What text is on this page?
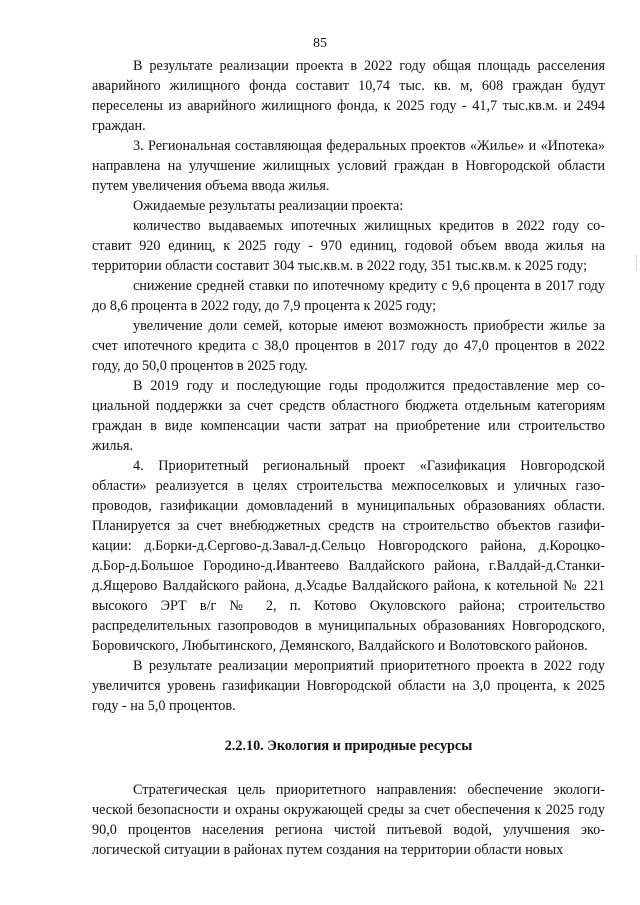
85

В результате реализации проекта в 2022 году общая площадь расселения аварийного жилищного фонда составит 10,74 тыс. кв. м, 608 граждан будут переселены из аварийного жилищного фонда, к 2025 году - 41,7 тыс.кв.м. и 2494 граждан.

3. Региональная составляющая федеральных проектов «Жилье» и «Ипотека» направлена на улучшение жилищных условий граждан в Новгородской области путем увеличения объема ввода жилья.

Ожидаемые результаты реализации проекта:

количество выдаваемых ипотечных жилищных кредитов в 2022 году составит 920 единиц, к 2025 году - 970 единиц, годовой объем ввода жилья на территории области составит 304 тыс.кв.м. в 2022 году, 351 тыс.кв.м. к 2025 году;

снижение средней ставки по ипотечному кредиту с 9,6 процента в 2017 году до 8,6 процента в 2022 году, до 7,9 процента к 2025 году;

увеличение доли семей, которые имеют возможность приобрести жилье за счет ипотечного кредита с 38,0 процентов в 2017 году до 47,0 процентов в 2022 году, до 50,0 процентов в 2025 году.

В 2019 году и последующие годы продолжится предоставление мер социальной поддержки за счет средств областного бюджета отдельным категориям граждан в виде компенсации части затрат на приобретение или строительство жилья.

4. Приоритетный региональный проект «Газификация Новгородской области» реализуется в целях строительства межпоселковых и уличных газопроводов, газификации домовладений в муниципальных образованиях области. Планируется за счет внебюджетных средств на строительство объектов газификации: д.Борки-д.Сергово-д.Завал-д.Сельцо Новгородского района, д.Короцко-д.Бор-д.Большое Городино-д.Ивантеево Валдайского района, г.Валдай-д.Станки-д.Ящерово Валдайского района, д.Усадье Валдайского района, к котельной № 221 высокого ЭРТ в/г № 2, п. Котово Окуловского района; строительство распределительных газопроводов в муниципальных образованиях Новгородского, Боровичского, Любытинского, Демянского, Валдайского и Волотовского районов.

В результате реализации мероприятий приоритетного проекта в 2022 году увеличится уровень газификации Новгородской области на 3,0 процента, к 2025 году - на 5,0 процентов.

2.2.10. Экология и природные ресурсы

Стратегическая цель приоритетного направления: обеспечение экологической безопасности и охраны окружающей среды за счет обеспечения к 2025 году 90,0 процентов населения региона чистой питьевой водой, улучшения экологической ситуации в районах путем создания на территории области новых
